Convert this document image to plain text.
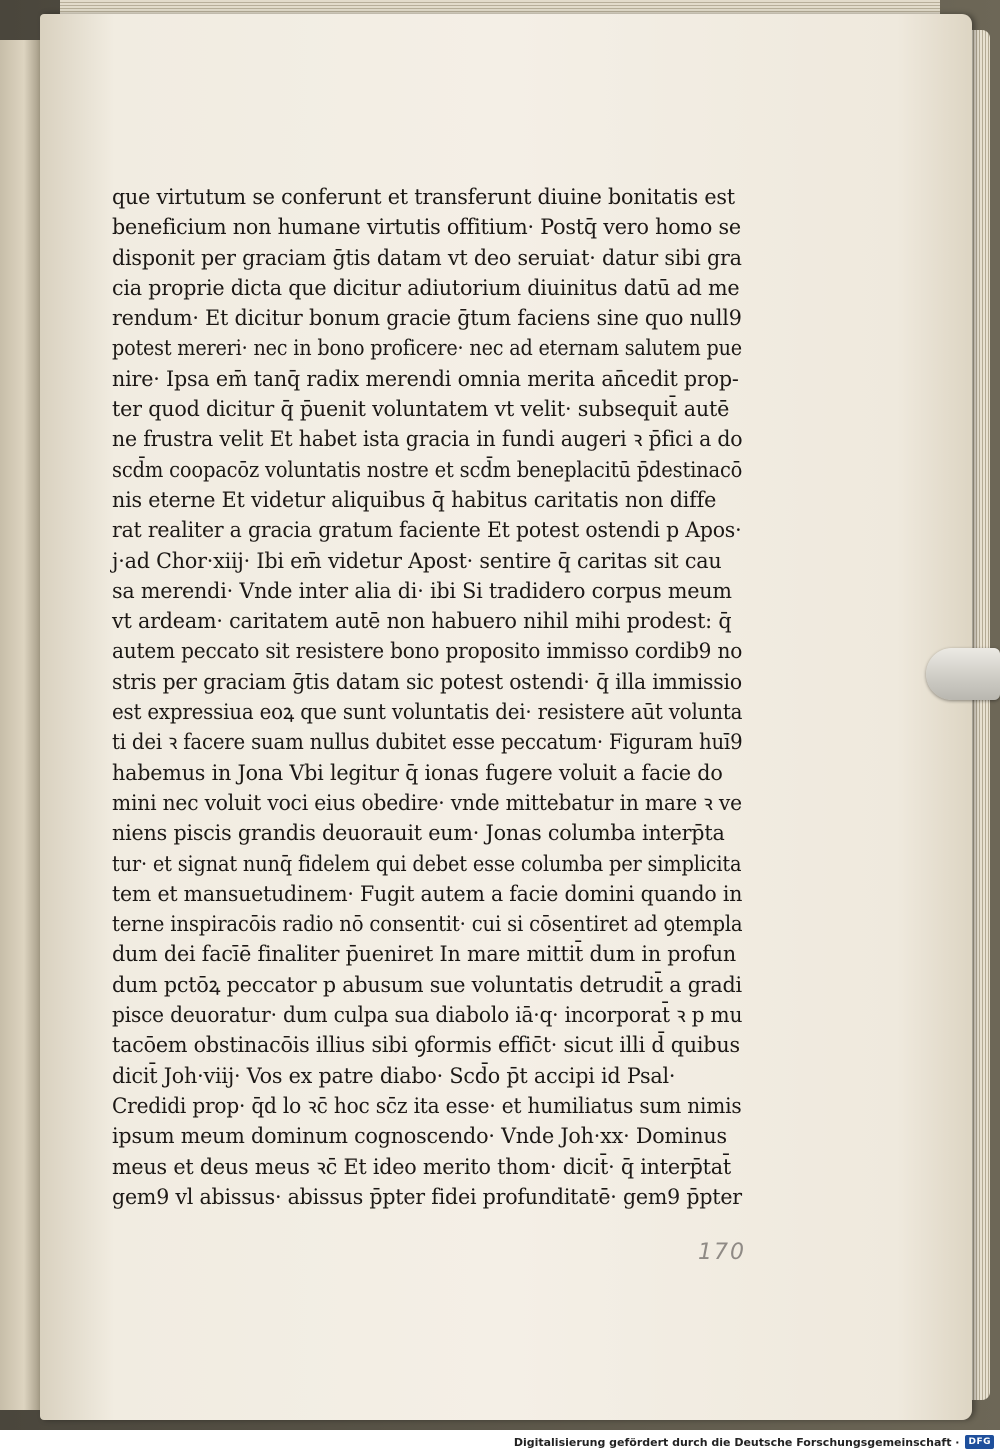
que virtutum se conferunt et transferunt diuine bonitatis est
beneficium non humane virtutis offitium· Postq̄ vero homo se
disponit per graciam ḡtis datam vt deo seruiat· datur sibi gra
cia proprie dicta que dicitur adiutorium diuinitus datū ad me
rendum· Et dicitur bonum gracie ḡtum faciens sine quo null9
potest mereri· nec in bono proficere· nec ad eternam salutem pue
nire· Ipsa em̄ tanq̄ radix merendi omnia merita an̄cedit prop-
ter quod dicitur q̄ p̄uenit voluntatem vt velit· subsequit̄ autē
ne frustra velit Et habet ista gracia in fundi augeri ꝛ p̄fici a do
scd̄m coopacōz voluntatis nostre et scd̄m beneplacitū p̄destinacō
nis eterne Et videtur aliquibus q̄ habitus caritatis non diffe
rat realiter a gracia gratum faciente Et potest ostendi p Apos·
j·ad Chor·xiij· Ibi em̄ videtur Apost· sentire q̄ caritas sit cau
sa merendi· Vnde inter alia di· ibi Si tradidero corpus meum
vt ardeam· caritatem autē non habuero nihil mihi prodest: q̄
autem peccato sit resistere bono proposito immisso cordib9 no
stris per graciam ḡtis datam sic potest ostendi· q̄ illa immissio
est expressiua eoꝝ que sunt voluntatis dei· resistere aūt volunta
ti dei ꝛ facere suam nullus dubitet esse peccatum· Figuram huī9
habemus in Jona Vbi legitur q̄ ionas fugere voluit a facie do
mini nec voluit voci eius obedire· vnde mittebatur in mare ꝛ ve
niens piscis grandis deuorauit eum· Jonas columba interp̄ta
tur· et signat nunq̄ fidelem qui debet esse columba per simplicita
tem et mansuetudinem· Fugit autem a facie domini quando in
terne inspiracōis radio nō consentit· cui si cōsentiret ad ꝯtempla
dum dei facīē finaliter p̄ueniret In mare mittit̄ dum in profun
dum pctōꝝ peccator p abusum sue voluntatis detrudit̄ a gradi
pisce deuoratur· dum culpa sua diabolo iā·q· incorporat̄ ꝛ p mu
tacōem obstinacōis illius sibi ꝯformis effic̄t· sicut illi d̄ quibus
dicit̄ Joh·viij· Vos ex patre diabo· Scd̄o p̄t accipi id Psal·
Credidi prop· q̄d lo ꝛc̄ hoc sc̄z ita esse· et humiliatus sum nimis
ipsum meum dominum cognoscendo· Vnde Joh·xx· Dominus
meus et deus meus ꝛc̄ Et ideo merito thom· dicit̄· q̄ interp̄tat̄
gem9 vl abissus· abissus p̄pter fidei profunditatē· gem9 p̄pter
170
Digitalisierung gefördert durch die Deutsche Forschungsgemeinschaft ·	DFG
